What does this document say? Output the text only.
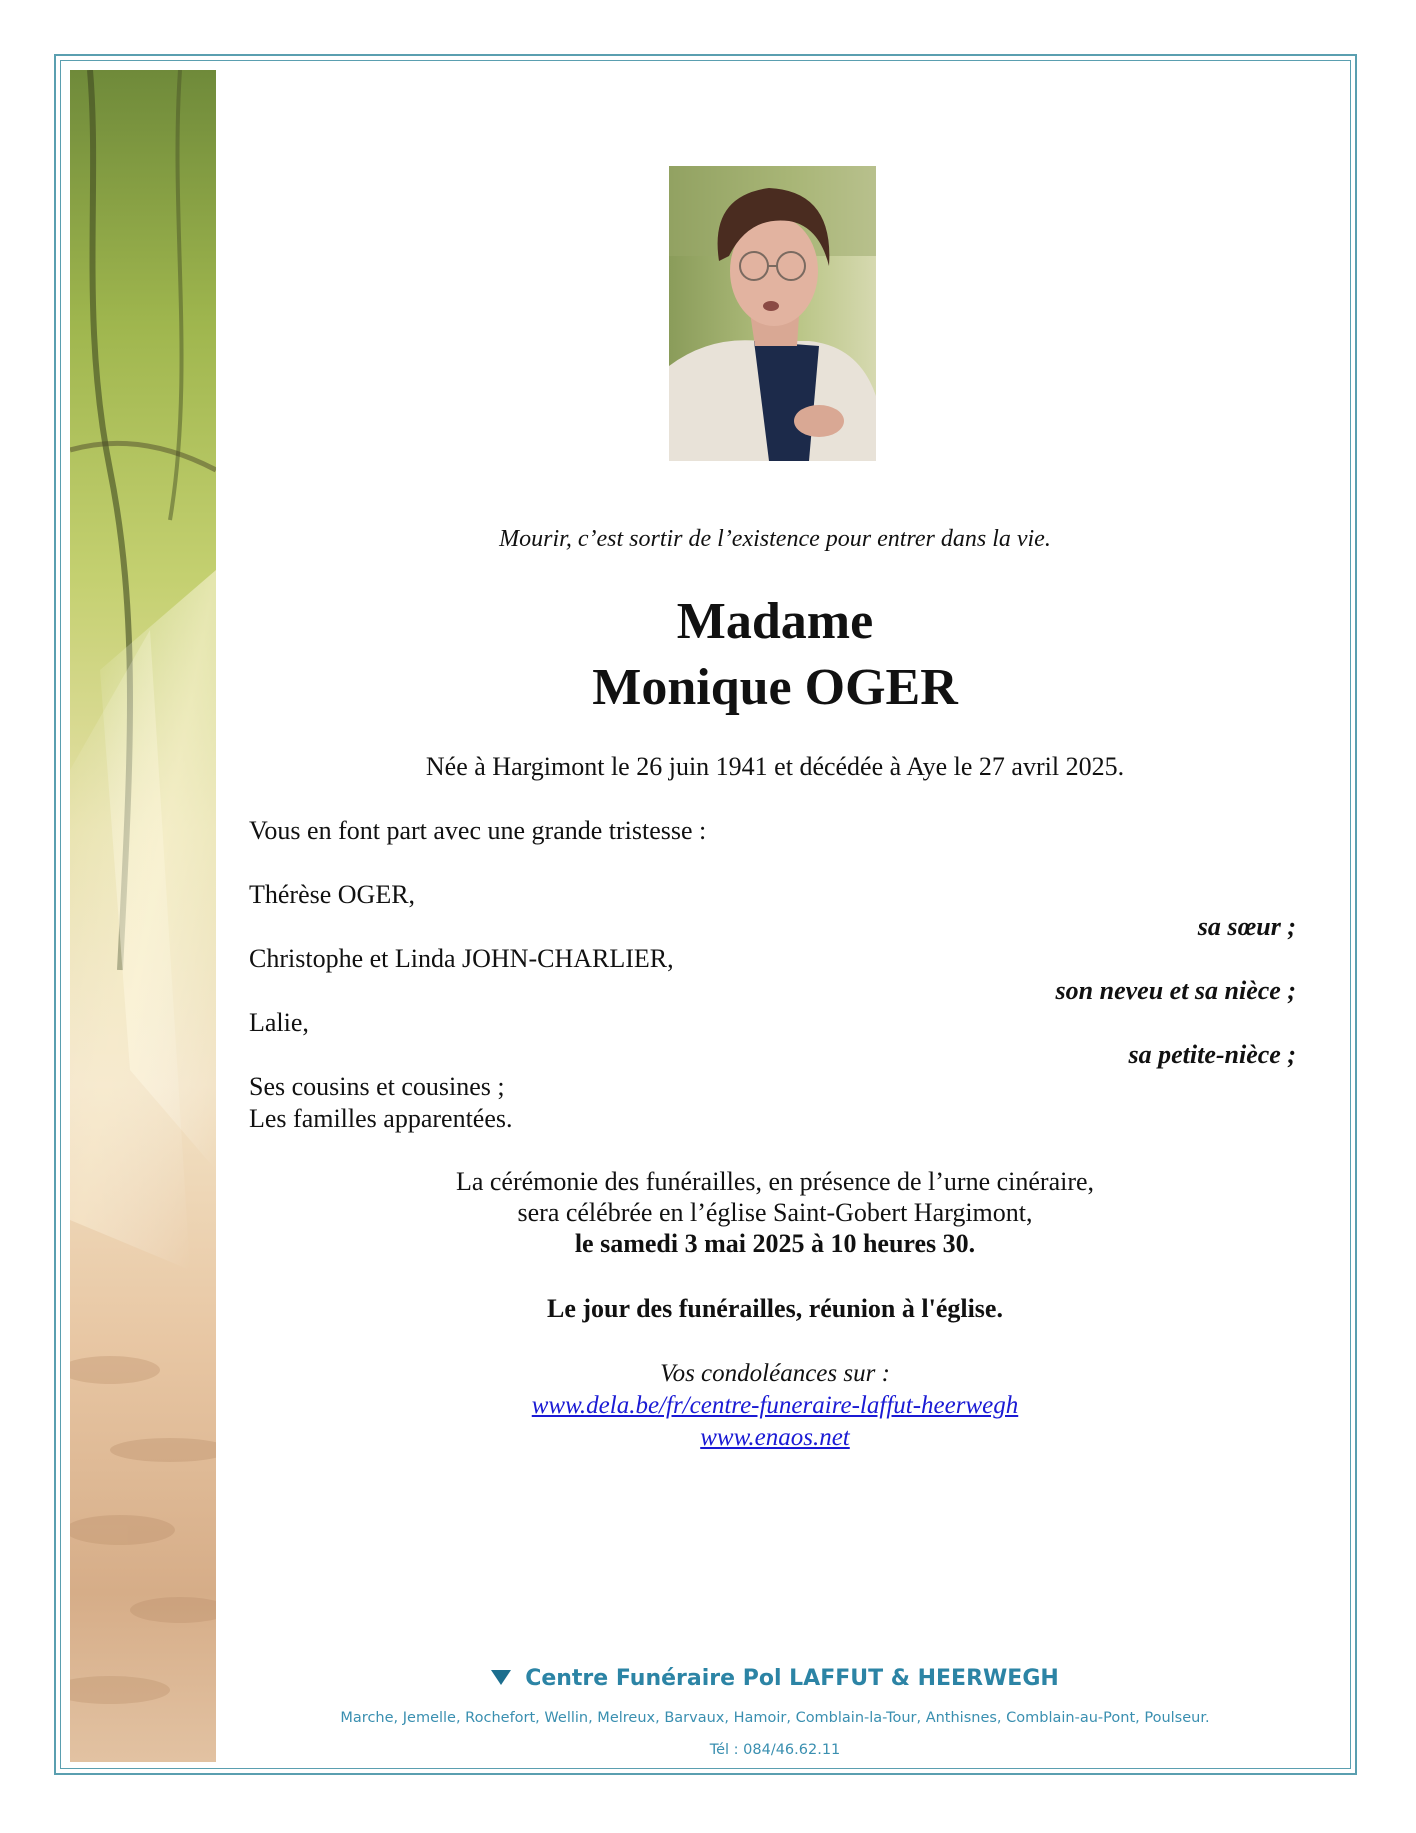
Mourir, c’est sortir de l’existence pour entrer dans la vie.
Madame
Monique OGER
Née à Hargimont le 26 juin 1941 et décédée à Aye le 27 avril 2025.
Vous en font part avec une grande tristesse :
Thérèse OGER,
sa sœur ;
Christophe et Linda JOHN-CHARLIER,
son neveu et sa nièce ;
Lalie,
sa petite-nièce ;
Ses cousins et cousines ;
Les familles apparentées.
La cérémonie des funérailles, en présence de l’urne cinéraire,
sera célébrée en l’église Saint-Gobert Hargimont,
le samedi 3 mai 2025 à 10 heures 30.
Le jour des funérailles, réunion à l'église.
Vos condoléances sur :
www.dela.be/fr/centre-funeraire-laffut-heerwegh
www.enaos.net
Centre Funéraire Pol LAFFUT & HEERWEGH
Marche, Jemelle, Rochefort, Wellin, Melreux, Barvaux, Hamoir, Comblain-la-Tour, Anthisnes, Comblain-au-Pont, Poulseur.
Tél : 084/46.62.11
